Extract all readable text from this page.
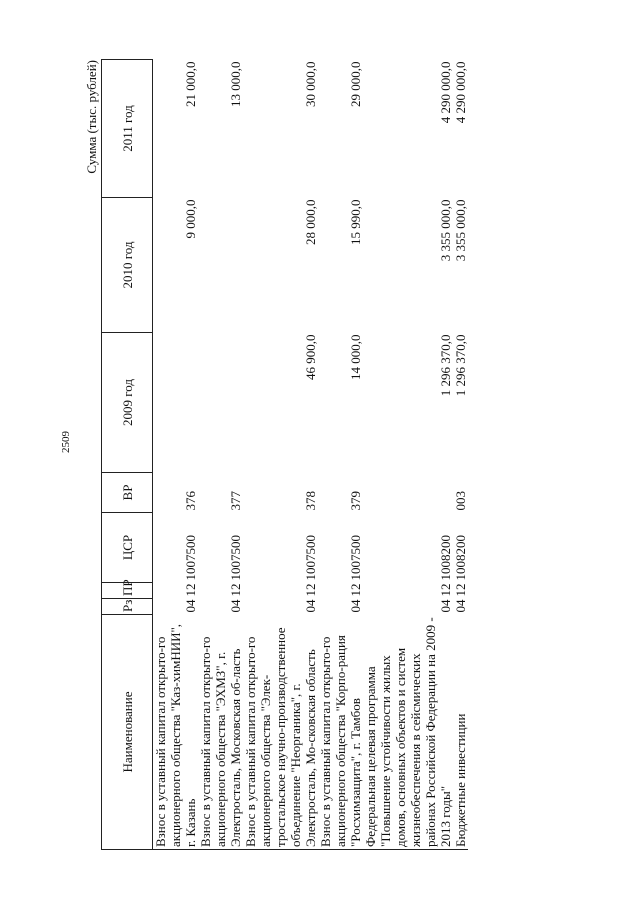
2509
Сумма (тыс. рублей)
Наименование	Рз	ПР	ЦСР	ВР	2009 год	2010 год	2011 год
Взнос в уставный капитал открыто-го акционерного общества "Каз-химНИИ", г. Казань	04	12	1007500	376		9 000,0	21 000,0
Взнос в уставный капитал открыто-го акционерного общества "ЭХМЗ", г. Электросталь, Московская об-ласть	04	12	1007500	377			13 000,0
Взнос в уставный капитал открыто-го акционерного общества "Элек-тростальское научно-производственное объединение "Неорганика", г. Электросталь, Мо-сковская область	04	12	1007500	378	46 900,0	28 000,0	30 000,0
Взнос в уставный капитал открыто-го акционерного общества "Корпо-рация "Росхимзащита", г. Тамбов	04	12	1007500	379	14 000,0	15 990,0	29 000,0
Федеральная целевая программа "Повышение устойчивости жилых домов, основных объектов и систем жизнеобеспечения в сейсмических районах Российской Федерации на 2009 - 2013 годы"	04	12	1008200		1 296 370,0	3 355 000,0	4 290 000,0
Бюджетные инвестиции	04	12	1008200	003	1 296 370,0	3 355 000,0	4 290 000,0
